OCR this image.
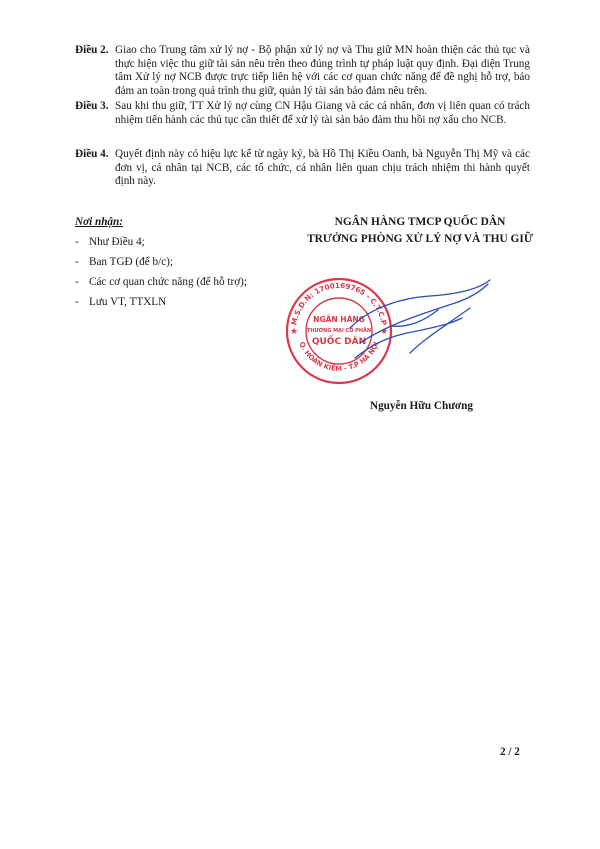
Điều 2. Giao cho Trung tâm xử lý nợ - Bộ phận xử lý nợ và Thu giữ MN hoàn thiện các thủ tục và thực hiện việc thu giữ tài sản nêu trên theo đúng trình tự pháp luật quy định. Đại diện Trung tâm Xử lý nợ NCB được trực tiếp liên hệ với các cơ quan chức năng để đề nghị hỗ trợ, bảo đảm an toàn trong quá trình thu giữ, quản lý tài sản bảo đảm nêu trên.
Điều 3. Sau khi thu giữ, TT Xử lý nợ cùng CN Hậu Giang và các cá nhân, đơn vị liên quan có trách nhiệm tiến hành các thủ tục cần thiết để xử lý tài sản bảo đảm thu hồi nợ xấu cho NCB.
Điều 4. Quyết định này có hiệu lực kể từ ngày ký, bà Hồ Thị Kiều Oanh, bà Nguyễn Thị Mỹ và các đơn vị, cá nhân tại NCB, các tổ chức, cá nhân liên quan chịu trách nhiệm thi hành quyết định này.
Nơi nhận:
- Như Điều 4;
- Ban TGĐ (để b/c);
- Các cơ quan chức năng (để hỗ trợ);
- Lưu VT, TTXLN
NGÂN HÀNG TMCP QUỐC DÂN
TRƯỞNG PHÒNG XỬ LÝ NỢ VÀ THU GIỮ
M.S.D.N: 1700169765 - C.T.C.P
Q. HOÀN KIẾM - T.P HÀ NỘI
NGÂN HÀNG
THƯƠNG MẠI CỔ PHẦN
QUỐC DÂN
★	★
Nguyễn Hữu Chương
2 / 2
